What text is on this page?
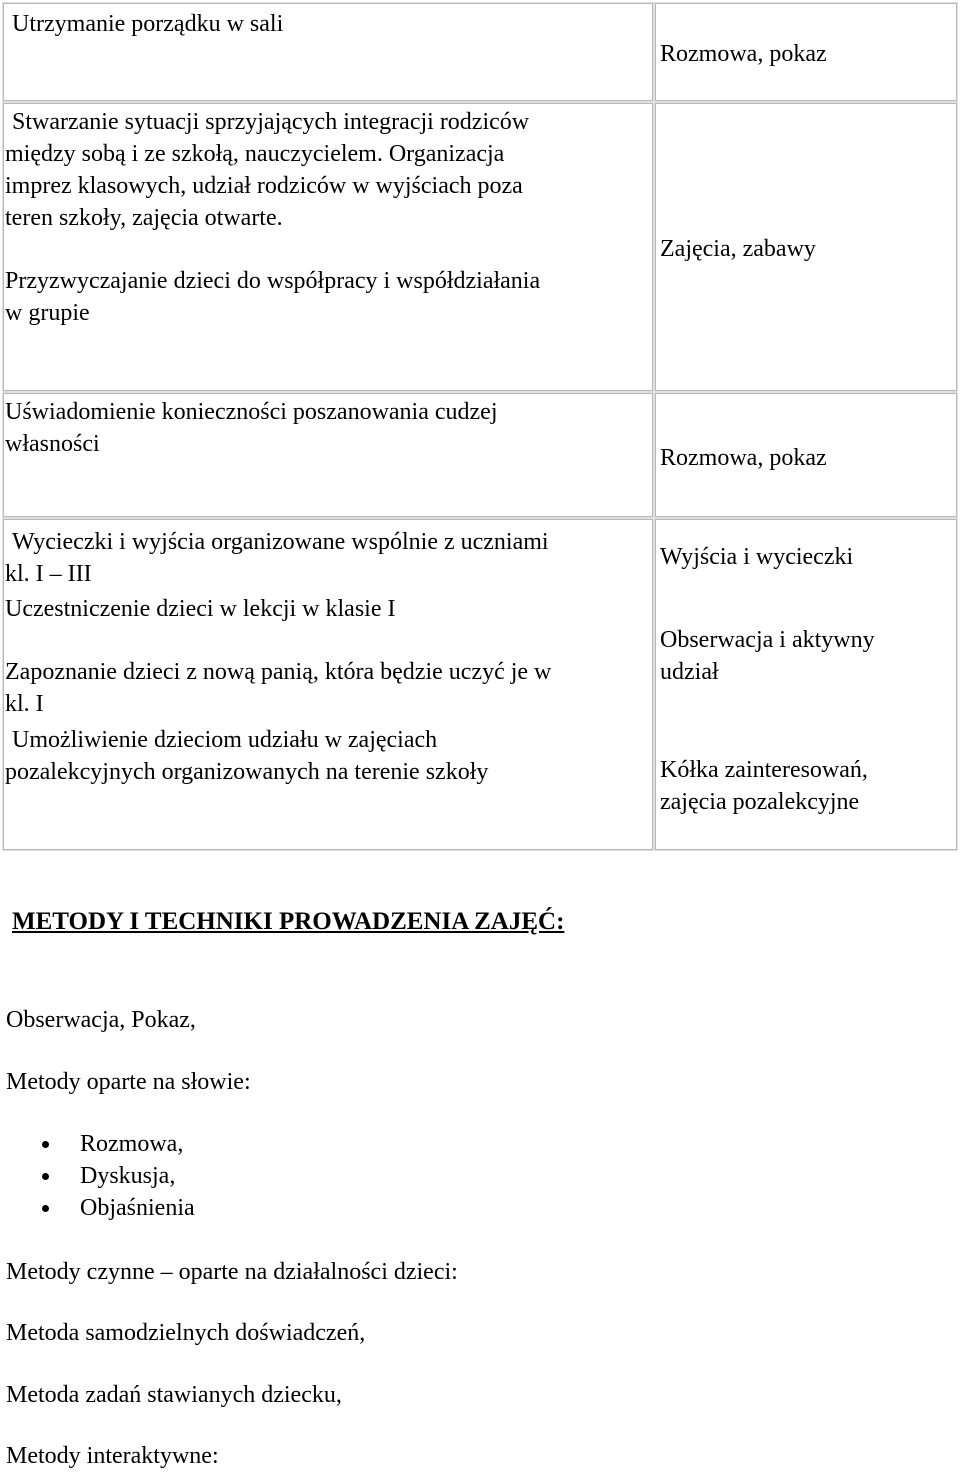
Utrzymanie porządku w sali
Rozmowa, pokaz
Stwarzanie sytuacji sprzyjających integracji rodziców
między sobą i ze szkołą, nauczycielem. Organizacja
imprez klasowych, udział rodziców w wyjściach poza
teren szkoły, zajęcia otwarte.
Przyzwyczajanie dzieci do współpracy i współdziałania
w grupie
Zajęcia, zabawy
Uświadomienie konieczności poszanowania cudzej
własności
Rozmowa, pokaz
Wycieczki i wyjścia organizowane wspólnie z uczniami
kl. I – III
Uczestniczenie dzieci w lekcji w klasie I
Zapoznanie dzieci z nową panią, która będzie uczyć je w
kl. I
Umożliwienie dzieciom udziału w zajęciach
pozalekcyjnych organizowanych na terenie szkoły
Wyjścia i wycieczki
Obserwacja i aktywny
udział
Kółka zainteresowań,
zajęcia pozalekcyjne
METODY I TECHNIKI PROWADZENIA ZAJĘĆ:
Obserwacja, Pokaz,
Metody oparte na słowie:
Rozmowa,
Dyskusja,
Objaśnienia
Metody czynne – oparte na działalności dzieci:
Metoda samodzielnych doświadczeń,
Metoda zadań stawianych dziecku,
Metody interaktywne:
